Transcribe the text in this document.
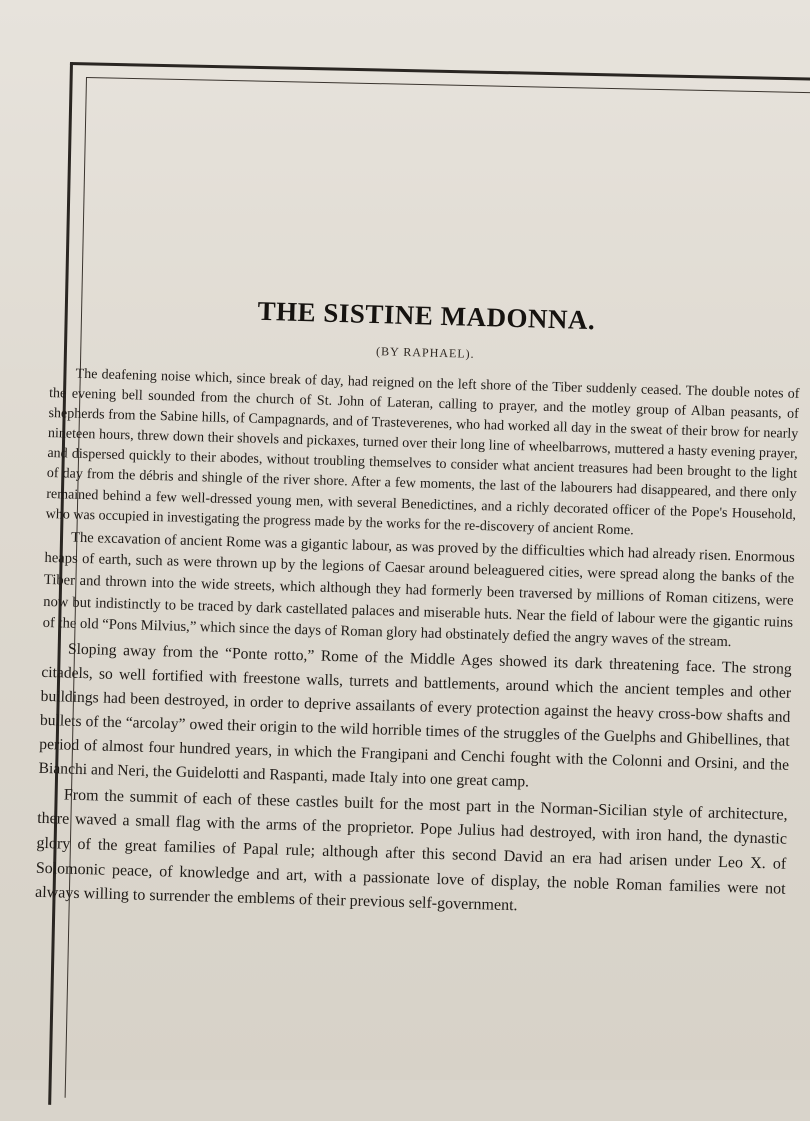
THE SISTINE MADONNA.
(BY RAPHAEL).

The deafening noise which, since break of day, had reigned on the left shore of the Tiber suddenly ceased. The double notes of the evening bell sounded from the church of St. John of Lateran, calling to prayer, and the motley group of Alban peasants, of shepherds from the Sabine hills, of Campagnards, and of Trasteverenes, who had worked all day in the sweat of their brow for nearly nineteen hours, threw down their shovels and pickaxes, turned over their long line of wheelbarrows, muttered a hasty evening prayer, and dispersed quickly to their abodes, without troubling themselves to consider what ancient treasures had been brought to the light of day from the débris and shingle of the river shore. After a few moments, the last of the labourers had disappeared, and there only remained behind a few well-dressed young men, with several Benedictines, and a richly decorated officer of the Pope's Household, who was occupied in investigating the progress made by the works for the re-discovery of ancient Rome.

The excavation of ancient Rome was a gigantic labour, as was proved by the difficulties which had already risen. Enormous heaps of earth, such as were thrown up by the legions of Caesar around beleaguered cities, were spread along the banks of the Tiber and thrown into the wide streets, which although they had formerly been traversed by millions of Roman citizens, were now but indistinctly to be traced by dark castellated palaces and miserable huts. Near the field of labour were the gigantic ruins of the old “Pons Milvius,” which since the days of Roman glory had obstinately defied the angry waves of the stream.

Sloping away from the “Ponte rotto,” Rome of the Middle Ages showed its dark threatening face. The strong citadels, so well fortified with freestone walls, turrets and battlements, around which the ancient temples and other buildings had been destroyed, in order to deprive assailants of every protection against the heavy cross-bow shafts and bullets of the “arcolay” owed their origin to the wild horrible times of the struggles of the Guelphs and Ghibellines, that period of almost four hundred years, in which the Frangipani and Cenchi fought with the Colonni and Orsini, and the Bianchi and Neri, the Guidelotti and Raspanti, made Italy into one great camp.

From the summit of each of these castles built for the most part in the Norman-Sicilian style of architecture, there waved a small flag with the arms of the proprietor. Pope Julius had destroyed, with iron hand, the dynastic glory of the great families of Papal rule; although after this second David an era had arisen under Leo X. of Solomonic peace, of knowledge and art, with a passionate love of display, the noble Roman families were not always willing to surrender the emblems of their previous self-government.
